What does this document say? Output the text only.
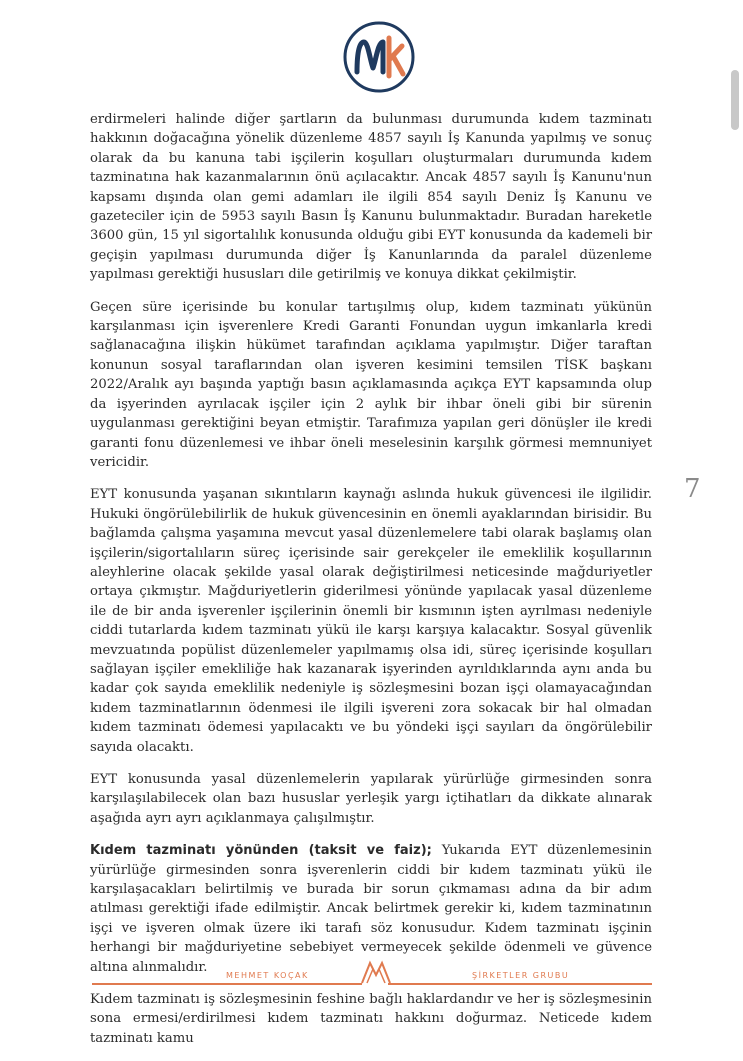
7

erdirmeleri halinde diğer şartların da bulunması durumunda kıdem tazminatı hakkının doğacağına yönelik düzenleme 4857 sayılı İş Kanunda yapılmış ve sonuç olarak da bu kanuna tabi işçilerin koşulları oluşturmaları durumunda kıdem tazminatına hak kazanmalarının önü açılacaktır. Ancak 4857 sayılı İş Kanunu'nun kapsamı dışında olan gemi adamları ile ilgili 854 sayılı Deniz İş Kanunu ve gazeteciler için de 5953 sayılı Basın İş Kanunu bulunmaktadır. Buradan hareketle 3600 gün, 15 yıl sigortalılık konusunda olduğu gibi EYT konusunda da kademeli bir geçişin yapılması durumunda diğer İş Kanunlarında da paralel düzenleme yapılması gerektiği hususları dile getirilmiş ve konuya dikkat çekilmiştir.

Geçen süre içerisinde bu konular tartışılmış olup, kıdem tazminatı yükünün karşılanması için işverenlere Kredi Garanti Fonundan uygun imkanlarla kredi sağlanacağına ilişkin hükümet tarafından açıklama yapılmıştır. Diğer taraftan konunun sosyal taraflarından olan işveren kesimini temsilen TİSK başkanı 2022/Aralık ayı başında yaptığı basın açıklamasında açıkça EYT kapsamında olup da işyerinden ayrılacak işçiler için 2 aylık bir ihbar öneli gibi bir sürenin uygulanması gerektiğini beyan etmiştir. Tarafımıza yapılan geri dönüşler ile kredi garanti fonu düzenlemesi ve ihbar öneli meselesinin karşılık görmesi memnuniyet vericidir.

EYT konusunda yaşanan sıkıntıların kaynağı aslında hukuk güvencesi ile ilgilidir. Hukuki öngörülebilirlik de hukuk güvencesinin en önemli ayaklarından birisidir. Bu bağlamda çalışma yaşamına mevcut yasal düzenlemelere tabi olarak başlamış olan işçilerin/sigortalıların süreç içerisinde sair gerekçeler ile emeklilik koşullarının aleyhlerine olacak şekilde yasal olarak değiştirilmesi neticesinde mağduriyetler ortaya çıkmıştır. Mağduriyetlerin giderilmesi yönünde yapılacak yasal düzenleme ile de bir anda işverenler işçilerinin önemli bir kısmının işten ayrılması nedeniyle ciddi tutarlarda kıdem tazminatı yükü ile karşı karşıya kalacaktır. Sosyal güvenlik mevzuatında popülist düzenlemeler yapılmamış olsa idi, süreç içerisinde koşulları sağlayan işçiler emekliliğe hak kazanarak işyerinden ayrıldıklarında aynı anda bu kadar çok sayıda emeklilik nedeniyle iş sözleşmesini bozan işçi olamayacağından kıdem tazminatlarının ödenmesi ile ilgili işvereni zora sokacak bir hal olmadan kıdem tazminatı ödemesi yapılacaktı ve bu yöndeki işçi sayıları da öngörülebilir sayıda olacaktı.

EYT konusunda yasal düzenlemelerin yapılarak yürürlüğe girmesinden sonra karşılaşılabilecek olan bazı hususlar yerleşik yargı içtihatları da dikkate alınarak aşağıda ayrı ayrı açıklanmaya çalışılmıştır.

Kıdem tazminatı yönünden (taksit ve faiz); Yukarıda EYT düzenlemesinin yürürlüğe girmesinden sonra işverenlerin ciddi bir kıdem tazminatı yükü ile karşılaşacakları belirtilmiş ve burada bir sorun çıkmaması adına da bir adım atılması gerektiği ifade edilmiştir. Ancak belirtmek gerekir ki, kıdem tazminatının işçi ve işveren olmak üzere iki tarafı söz konusudur. Kıdem tazminatı işçinin herhangi bir mağduriyetine sebebiyet vermeyecek şekilde ödenmeli ve güvence altına alınmalıdır.

Kıdem tazminatı iş sözleşmesinin feshine bağlı haklardandır ve her iş sözleşmesinin sona ermesi/erdirilmesi kıdem tazminatı hakkını doğurmaz. Neticede kıdem tazminatı kamu

MEHMET KOÇAK	ŞİRKETLER GRUBU
